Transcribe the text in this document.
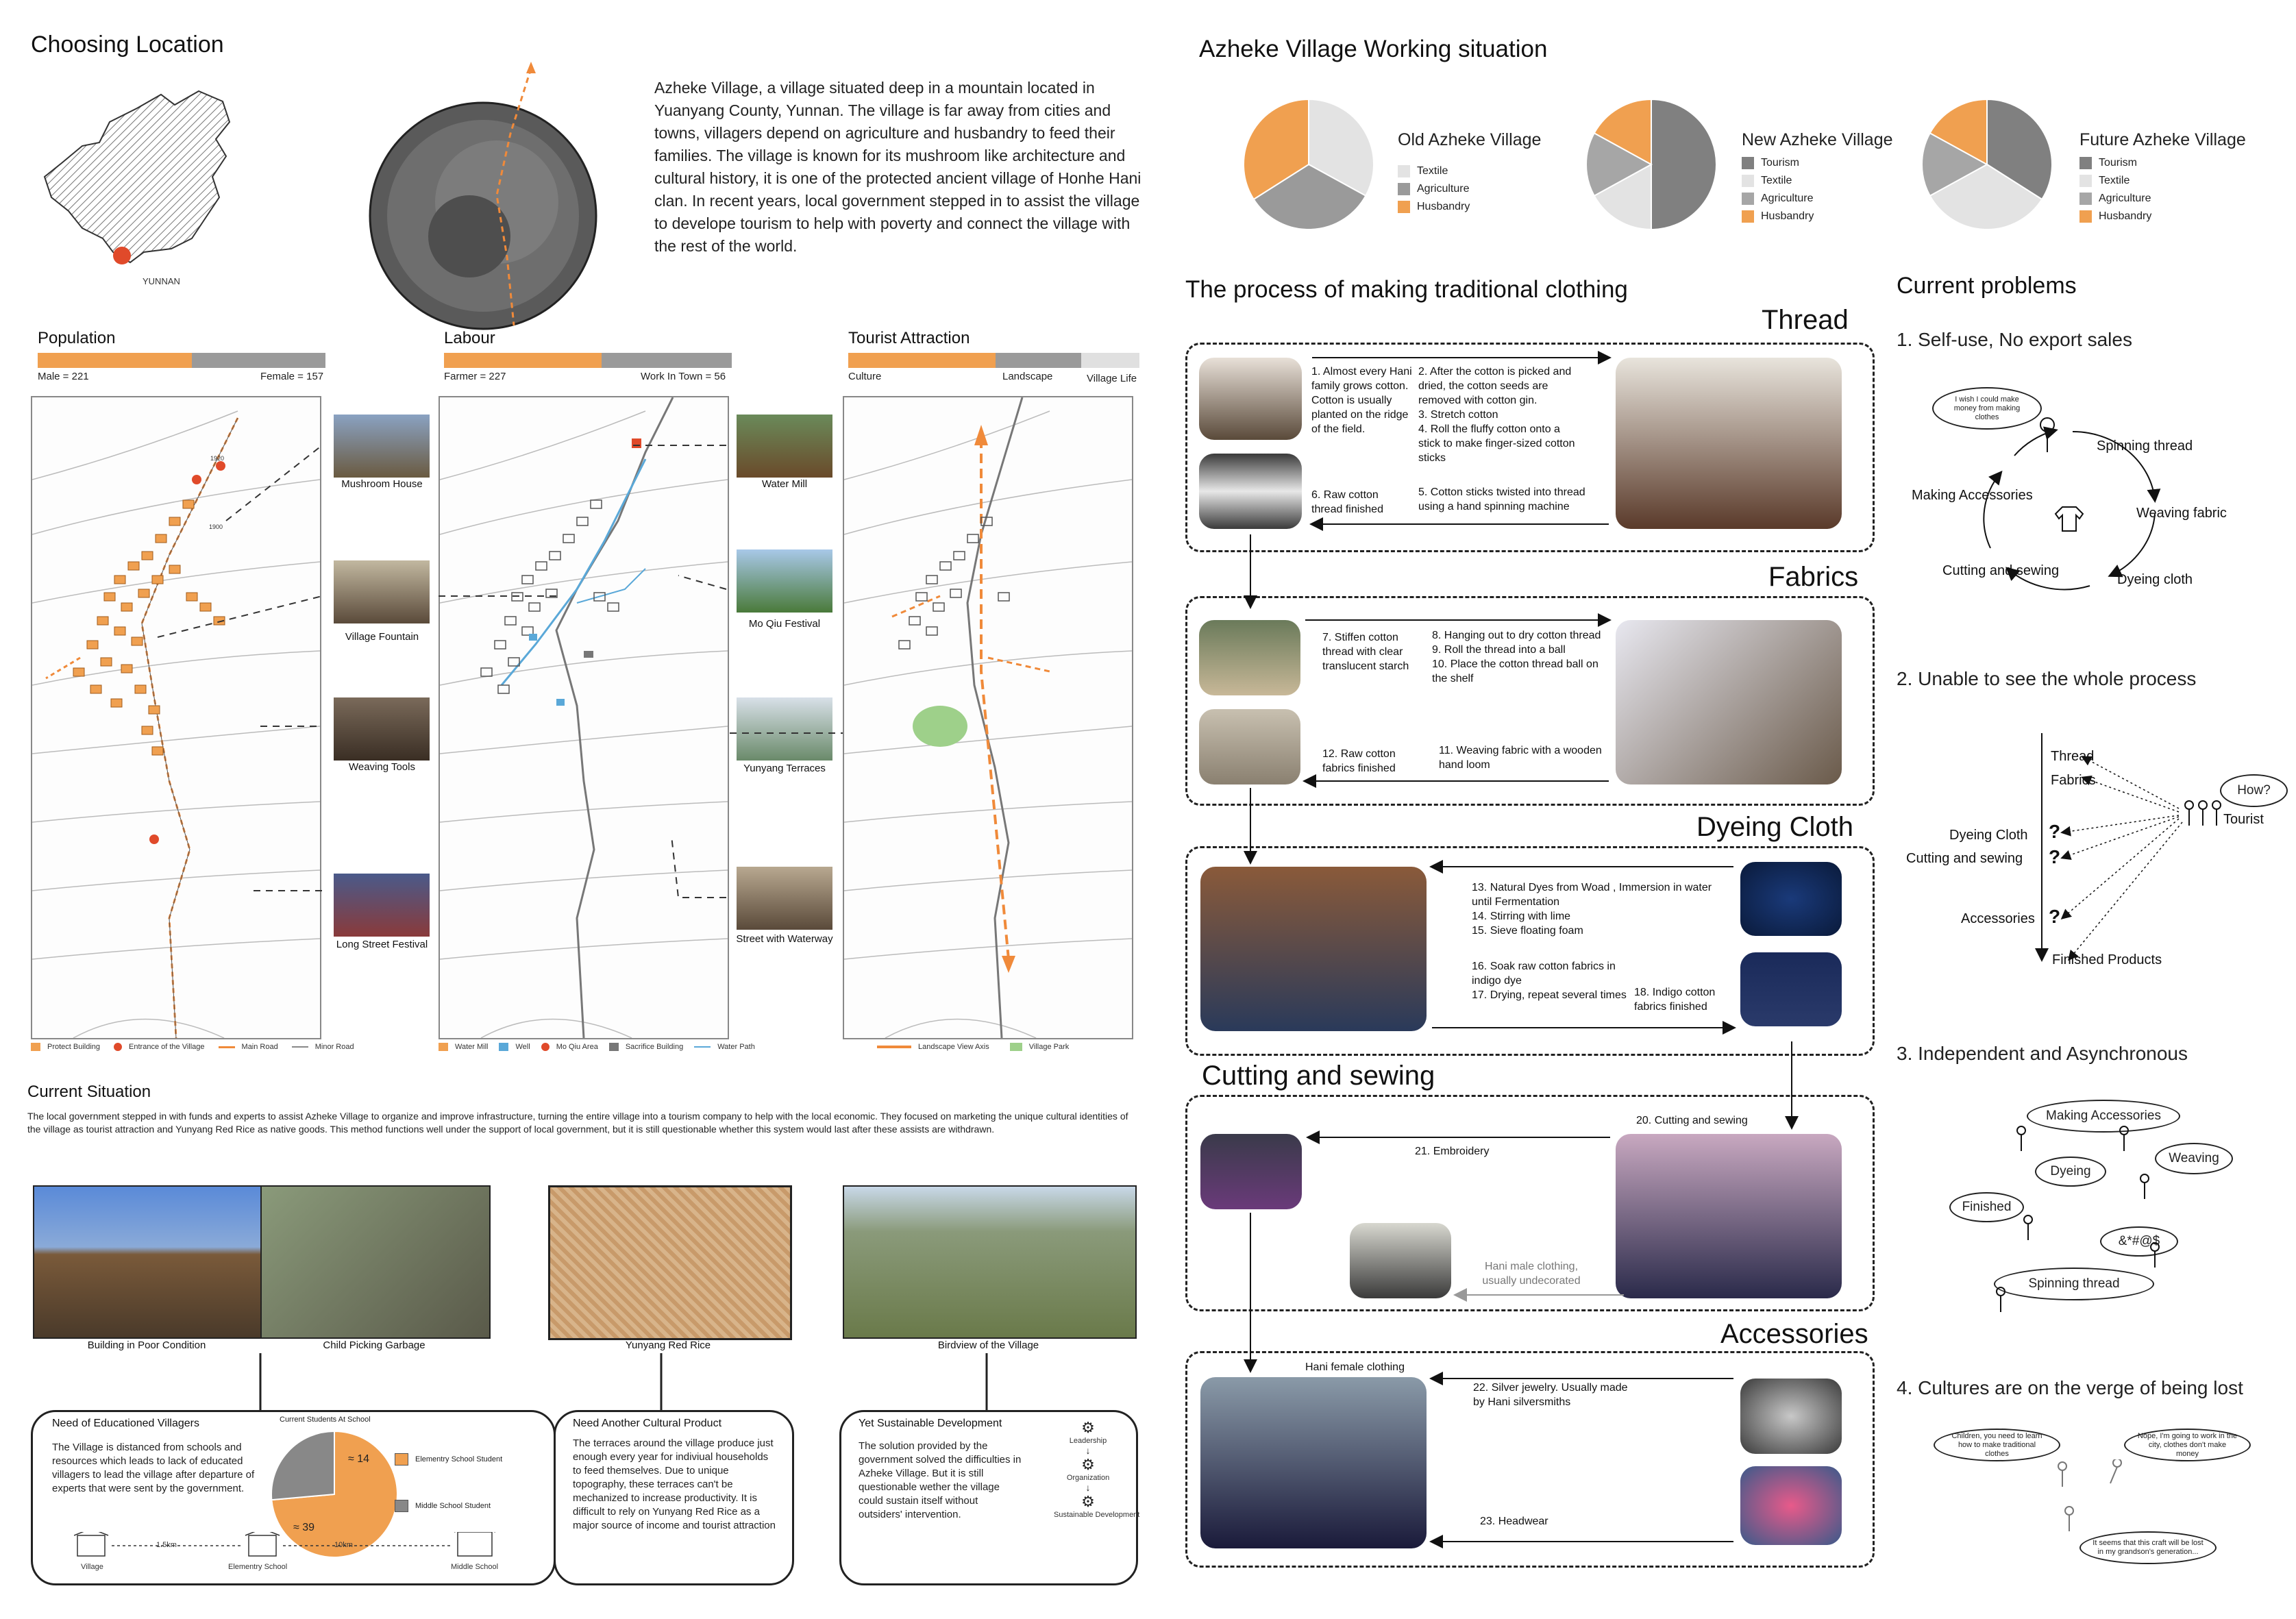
Choosing Location
YUNNAN
Azheke Village, a village situated deep in a mountain located in Yuanyang County, Yunnan. The village is far away from cities and towns, villagers depend on agriculture and husbandry to feed their families. The village is known for its mushroom like architecture and cultural history, it is one of the protected ancient village of Honhe Hani clan. In recent years, local government stepped in to assist the village to develope tourism to help with poverty and connect the village with the rest of the world.
Population
Male = 221	Female = 157
Labour
Farmer = 227	Work In Town = 56
Tourist Attraction
Culture	Landscape	Village Life
1920
1900
Protect Building	Entrance of the Village	Main Road	Minor Road	Water Mill	Well	Mo Qiu Area	Sacrifice Building	Water Path	Landscape View Axis	Village Park
Mushroom House
Village Fountain
Weaving Tools
Long Street Festival
Water Mill
Mo Qiu Festival
Yunyang Terraces
Street with Waterway
Current Situation
The local government stepped in with funds and experts to assist Azheke Village to organize and improve infrastructure, turning the entire village into a tourism company to help with the local economic. They focused on marketing the unique cultural identities of the village as tourist attraction and Yunyang Red Rice as native goods. This method functions well under the support of local government, but it is still questionable whether this system would last after these assists are withdrawn.
Building in Poor Condition	Child Picking Garbage	Yunyang Red Rice	Birdview of the Village
Need of Educationed Villagers
The Village is distanced from schools and resources which leads to lack of educated villagers to lead the village after departure of experts that were sent by the government.
Current Students At School
≈ 39
≈ 14	Elementry School Student
Middle School Student
Village
1.5km
Elementry School
10km
Middle School
Need Another Cultural Product
The terraces around the village produce just enough every year for indiviual households to feed themselves. Due to unique topography, these terraces can't be mechanized to increase productivity. It is difficult to rely on Yunyang Red Rice as a major source of income and tourist attraction
Yet Sustainable Development
The solution provided by the government solved the difficulties in Azheke Village. But it is still questionable wether the village could sustain itself without outsiders' intervention.
⚙
Leadership
↓
⚙
Organization
↓
⚙
Sustainable Development
Azheke Village Working situation
Old Azheke Village
Textile
Agriculture
Husbandry
New Azheke Village
Tourism
Textile
Agriculture
Husbandry
Future Azheke Village
Tourism
Textile
Agriculture
Husbandry
The process of making traditional clothing
Thread
1. Almost every Hani family grows cotton. Cotton is usually planted on the ridge of the field.
2. After the cotton is picked and dried, the cotton seeds are removed with cotton gin.
3. Stretch cotton
4. Roll the fluffy cotton onto a stick to make finger-sized cotton sticks
5. Cotton sticks twisted into thread using a hand spinning machine
6. Raw cotton thread finished
Fabrics
7. Stiffen cotton thread with clear translucent starch
8. Hanging out to dry cotton thread
9. Roll the thread into a ball
10. Place the cotton thread ball on the shelf
11. Weaving fabric with a wooden hand loom
12. Raw cotton fabrics finished
Dyeing Cloth
13. Natural Dyes from Woad , Immersion in water until Fermentation
14. Stirring with lime
15. Sieve floating foam
16. Soak raw cotton fabrics in indigo dye
17. Drying, repeat several times 18. Indigo cotton fabrics finished
Cutting and sewing
20. Cutting and sewing
21. Embroidery
Hani male clothing, usually undecorated
Accessories
Hani female clothing
22. Silver jewelry. Usually made by Hani silversmiths
23. Headwear
Current problems
1. Self-use, No export sales
I wish I could make money from making clothes
Spinning thread
Weaving fabric
Dyeing cloth
Cutting and sewing
Making Accessories
2. Unable to see the whole process
Thread
Fabrics
Dyeing Cloth
Cutting and sewing
Accessories
Finished Products
?
?
?
How?
Tourist
3. Independent and Asynchronous
Making Accessories
Dyeing
Weaving
Finished
&*#@$
Spinning thread
4. Cultures are on the verge of being lost
Children, you need to learn how to make traditional clothes
Nope, I'm going to work in the city, clothes don't make money
It seems that this craft will be lost in my grandson's generation...
